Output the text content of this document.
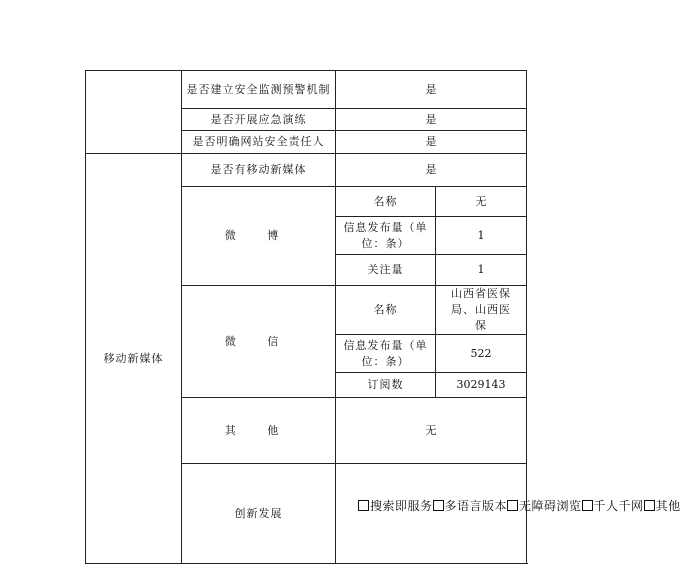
	是否建立安全监测预警机制	是	
	是否开展应急演练	是	
	是否明确网站安全责任人	是	
移动新媒体	是否有移动新媒体	是	
	微 博	名称	无
		信息发布量（单位：条）	1
		关注量	1
	微 信	名称	山西省医保局、山西医保
		信息发布量（单位：条）	522
		订阅数	3029143
	其 他	无	
	创新发展	搜索即服务 多语言版本 无障碍浏览 千人千网 其他	
